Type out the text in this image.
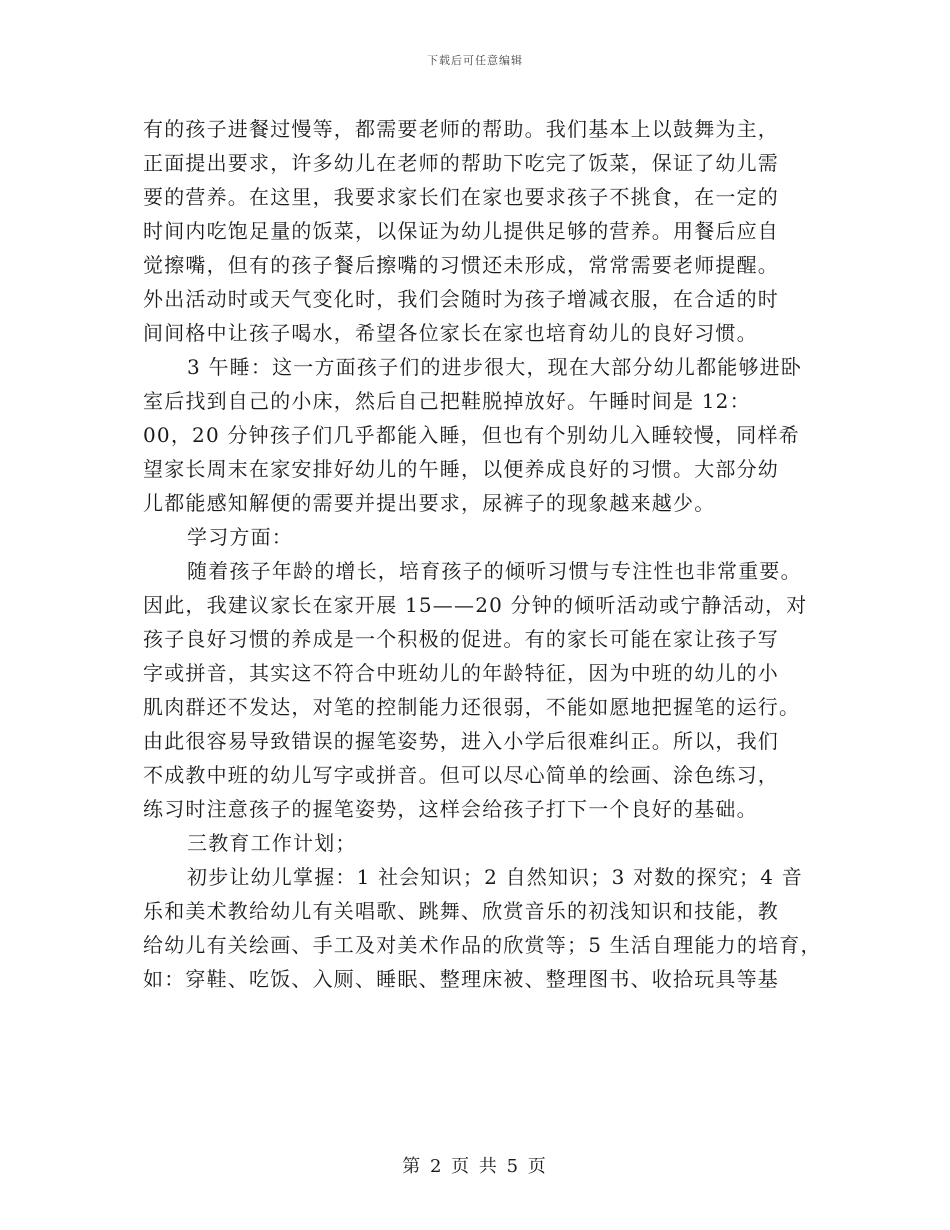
下载后可任意编辑
有的孩子进餐过慢等，都需要老师的帮助。我们基本上以鼓舞为主，
正面提出要求，许多幼儿在老师的帮助下吃完了饭菜，保证了幼儿需
要的营养。在这里，我要求家长们在家也要求孩子不挑食，在一定的
时间内吃饱足量的饭菜，以保证为幼儿提供足够的营养。用餐后应自
觉擦嘴，但有的孩子餐后擦嘴的习惯还未形成，常常需要老师提醒。
外出活动时或天气变化时，我们会随时为孩子增减衣服，在合适的时
间间格中让孩子喝水，希望各位家长在家也培育幼儿的良好习惯。
3 午睡：这一方面孩子们的进步很大，现在大部分幼儿都能够进卧
室后找到自己的小床，然后自己把鞋脱掉放好。午睡时间是 12：
00，20 分钟孩子们几乎都能入睡，但也有个别幼儿入睡较慢，同样希
望家长周末在家安排好幼儿的午睡，以便养成良好的习惯。大部分幼
儿都能感知解便的需要并提出要求，尿裤子的现象越来越少。
学习方面：
随着孩子年龄的增长，培育孩子的倾听习惯与专注性也非常重要。
因此，我建议家长在家开展 15——20 分钟的倾听活动或宁静活动，对
孩子良好习惯的养成是一个积极的促进。有的家长可能在家让孩子写
字或拼音，其实这不符合中班幼儿的年龄特征，因为中班的幼儿的小
肌肉群还不发达，对笔的控制能力还很弱，不能如愿地把握笔的运行。
由此很容易导致错误的握笔姿势，进入小学后很难纠正。所以，我们
不成教中班的幼儿写字或拼音。但可以尽心简单的绘画、涂色练习，
练习时注意孩子的握笔姿势，这样会给孩子打下一个良好的基础。
三教育工作计划；
初步让幼儿掌握：1 社会知识；2 自然知识；3 对数的探究；4 音
乐和美术教给幼儿有关唱歌、跳舞、欣赏音乐的初浅知识和技能，教
给幼儿有关绘画、手工及对美术作品的欣赏等；5 生活自理能力的培育，
如：穿鞋、吃饭、入厕、睡眠、整理床被、整理图书、收拾玩具等基
第 2 页 共 5 页
